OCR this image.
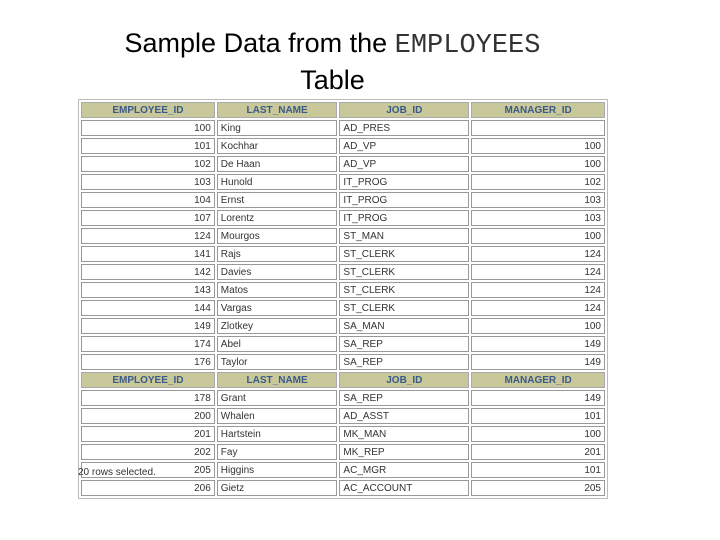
Sample Data from the EMPLOYEES
Table
EMPLOYEE_ID	LAST_NAME	JOB_ID	MANAGER_ID
100	King	AD_PRES	
101	Kochhar	AD_VP	100
102	De Haan	AD_VP	100
103	Hunold	IT_PROG	102
104	Ernst	IT_PROG	103
107	Lorentz	IT_PROG	103
124	Mourgos	ST_MAN	100
141	Rajs	ST_CLERK	124
142	Davies	ST_CLERK	124
143	Matos	ST_CLERK	124
144	Vargas	ST_CLERK	124
149	Zlotkey	SA_MAN	100
174	Abel	SA_REP	149
176	Taylor	SA_REP	149
EMPLOYEE_ID	LAST_NAME	JOB_ID	MANAGER_ID
178	Grant	SA_REP	149
200	Whalen	AD_ASST	101
201	Hartstein	MK_MAN	100
202	Fay	MK_REP	201
205	Higgins	AC_MGR	101
206	Gietz	AC_ACCOUNT	205
20 rows selected.
